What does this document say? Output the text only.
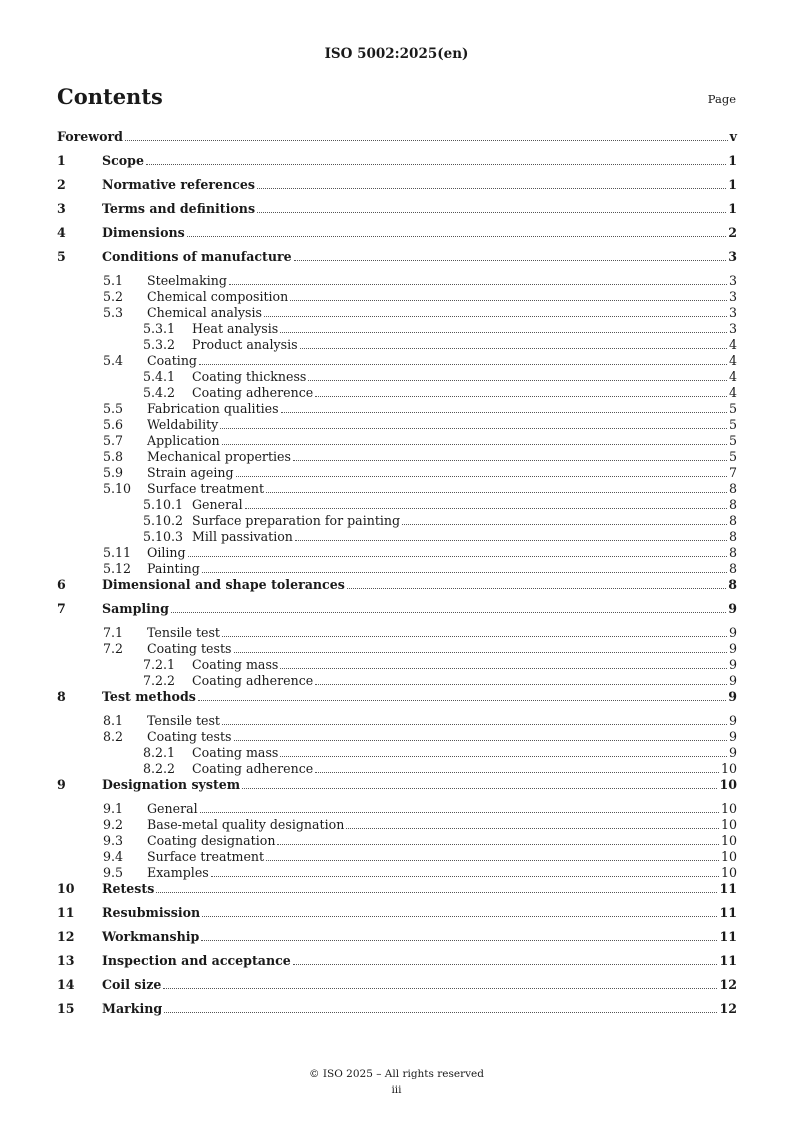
ISO 5002:2025(en)
Contents	Page
Foreword	v
1	Scope	1
2	Normative references	1
3	Terms and definitions	1
4	Dimensions	2
5	Conditions of manufacture	3
5.1 Steelmaking	3
5.2 Chemical composition	3
5.3 Chemical analysis	3
5.3.1 Heat analysis	3
5.3.2 Product analysis	4
5.4 Coating	4
5.4.1 Coating thickness	4
5.4.2 Coating adherence	4
5.5 Fabrication qualities	5
5.6 Weldability	5
5.7 Application	5
5.8 Mechanical properties	5
5.9 Strain ageing	7
5.10 Surface treatment	8
5.10.1 General	8
5.10.2 Surface preparation for painting	8
5.10.3 Mill passivation	8
5.11 Oiling	8
5.12 Painting	8
6	Dimensional and shape tolerances	8
7	Sampling	9
7.1 Tensile test	9
7.2 Coating tests	9
7.2.1 Coating mass	9
7.2.2 Coating adherence	9
8	Test methods	9
8.1 Tensile test	9
8.2 Coating tests	9
8.2.1 Coating mass	9
8.2.2 Coating adherence	10
9	Designation system	10
9.1 General	10
9.2 Base-metal quality designation	10
9.3 Coating designation	10
9.4 Surface treatment	10
9.5 Examples	10
10 Retests	11
11 Resubmission	11
12 Workmanship	11
13 Inspection and acceptance	11
14 Coil size	12
15 Marking	12
© ISO 2025 – All rights reserved
iii
